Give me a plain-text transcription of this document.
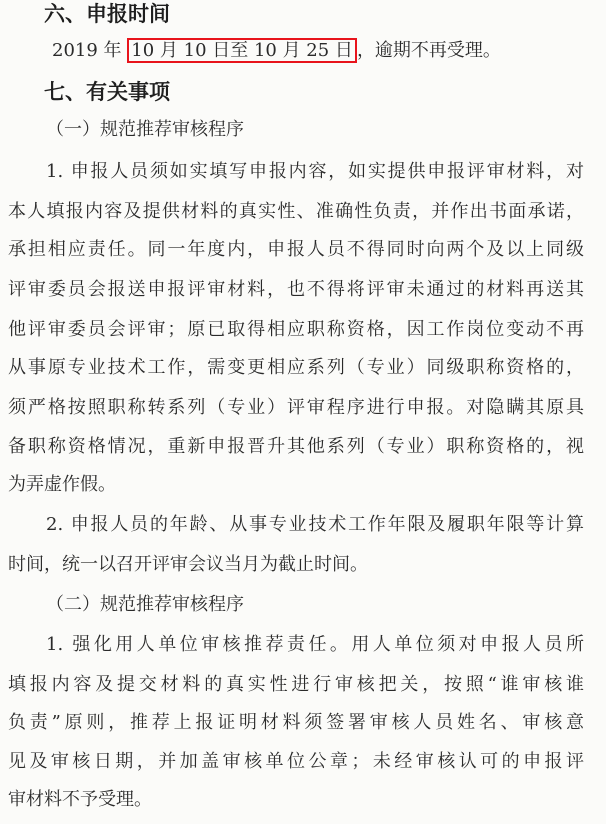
六、申报时间
2019 年 10 月 10 日至 10 月 25 日 ，逾期不再受理。
七、有关事项
（一）规范推荐审核程序
（二）规范推荐审核程序
1. 申报人员须如实填写申报内容，如实提供申报评审材料，对
本人填报内容及提供材料的真实性、准确性负责，并作出书面承诺，
承担相应责任。同一年度内，申报人员不得同时向两个及以上同级
评审委员会报送申报评审材料，也不得将评审未通过的材料再送其
他评审委员会评审；原已取得相应职称资格，因工作岗位变动不再
从事原专业技术工作，需变更相应系列（专业）同级职称资格的，
须严格按照职称转系列（专业）评审程序进行申报。对隐瞒其原具
备职称资格情况，重新申报晋升其他系列（专业）职称资格的，视
为弄虚作假。
2. 申报人员的年龄、从事专业技术工作年限及履职年限等计算
时间，统一以召开评审会议当月为截止时间。
1. 强化用人单位审核推荐责任。用人单位须对申报人员所
填报内容及提交材料的真实性进行审核把关，按照“谁审核谁
负责”原则，推荐上报证明材料须签署审核人员姓名、审核意
见及审核日期，并加盖审核单位公章；未经审核认可的申报评
审材料不予受理。
